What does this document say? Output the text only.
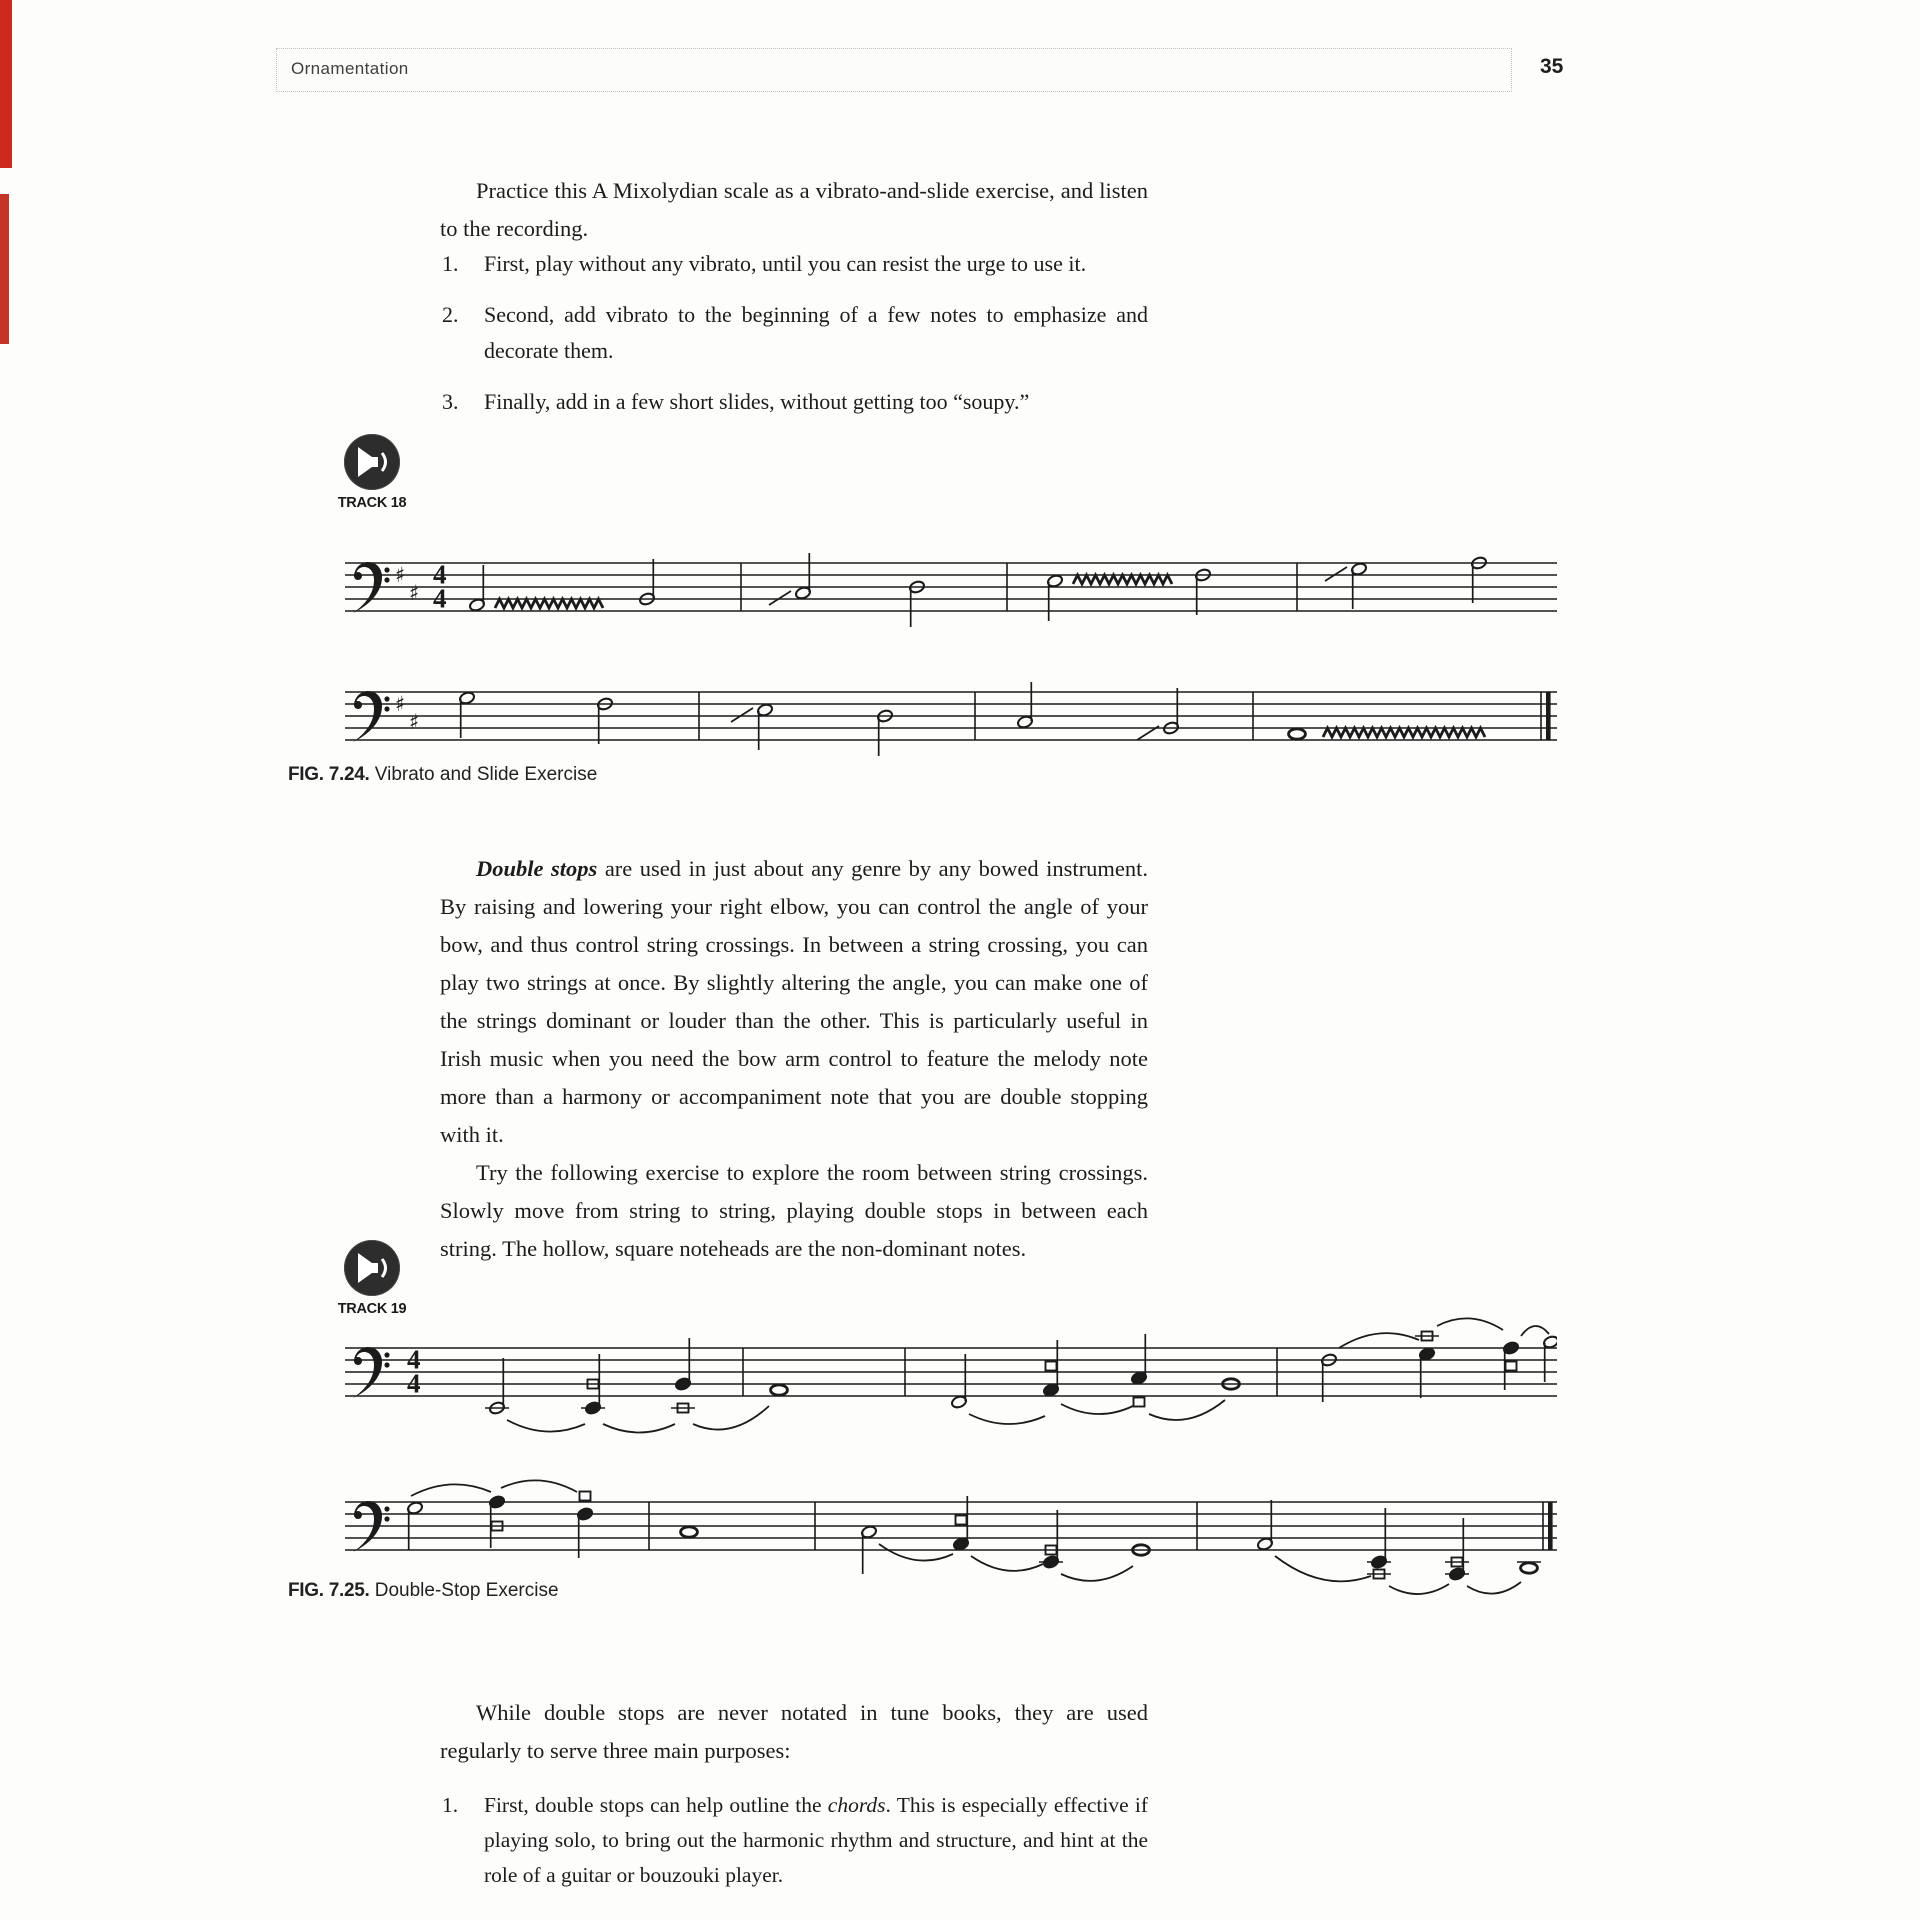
Ornamentation	35

Practice this A Mixolydian scale as a vibrato-and-slide exercise, and listen to the recording.

1. First, play without any vibrato, until you can resist the urge to use it.
2. Second, add vibrato to the beginning of a few notes to emphasize and decorate them.
3. Finally, add in a few short slides, without getting too “soupy.”
TRACK 18
♯
♯
4
4
♯
♯
FIG. 7.24. Vibrato and Slide Exercise

Double stops are used in just about any genre by any bowed instrument. By raising and lowering your right elbow, you can control the angle of your bow, and thus control string crossings. In between a string crossing, you can play two strings at once. By slightly altering the angle, you can make one of the strings dominant or louder than the other. This is particularly useful in Irish music when you need the bow arm control to feature the melody note more than a harmony or accompaniment note that you are double stopping with it.

Try the following exercise to explore the room between string crossings. Slowly move from string to string, playing double stops in between each string. The hollow, square noteheads are the non-dominant notes.

TRACK 19
4
4
FIG. 7.25. Double-Stop Exercise

While double stops are never notated in tune books, they are used regularly to serve three main purposes:

1. First, double stops can help outline the chords. This is especially effective if playing solo, to bring out the harmonic rhythm and structure, and hint at the role of a guitar or bouzouki player.
